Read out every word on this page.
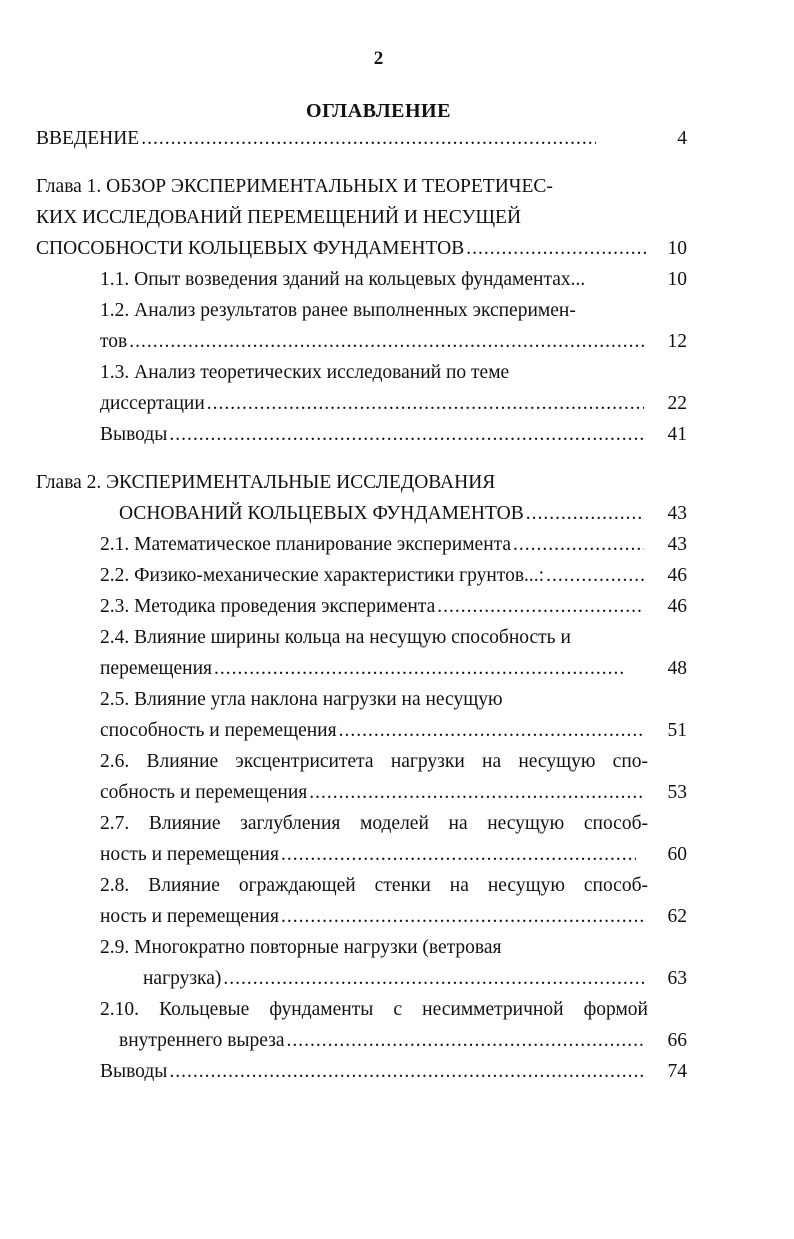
2
ОГЛАВЛЕНИЕ
ВВЕДЕНИЕ .....	4
Глава 1. ОБЗОР ЭКСПЕРИМЕНТАЛЬНЫХ И ТЕОРЕТИЧЕС-
КИХ ИССЛЕДОВАНИЙ ПЕРЕМЕЩЕНИЙ И НЕСУЩЕЙ
СПОСОБНОСТИ КОЛЬЦЕВЫХ ФУНДАМЕНТОВ .....	10
1.1. Опыт возведения зданий на кольцевых фундаментах...	10
1.2. Анализ результатов ранее выполненных эксперимен-
тов .....	12
1.3. Анализ теоретических исследований по теме
диссертации .....	22
Выводы .....	41
Глава 2. ЭКСПЕРИМЕНТАЛЬНЫЕ ИССЛЕДОВАНИЯ
ОСНОВАНИЙ КОЛЬЦЕВЫХ ФУНДАМЕНТОВ .....	43
2.1. Математическое планирование эксперимента .....	43
2.2. Физико-механические характеристики грунтов...: .....	46
2.3. Методика проведения эксперимента .....	46
2.4. Влияние ширины кольца на несущую способность и
перемещения .....	48
2.5. Влияние угла наклона нагрузки на несущую
способность и перемещения .....	51
2.6. Влияние эксцентриситета нагрузки на несущую спо-
собность и перемещения .....	53
2.7. Влияние заглубления моделей на несущую способ-
ность и перемещения .....	60
2.8. Влияние ограждающей стенки на несущую способ-
ность и перемещения .....	62
2.9. Многократно повторные нагрузки (ветровая
нагрузка) .....	63
2.10. Кольцевые фундаменты с несимметричной формой
внутреннего выреза .....	66
Выводы .....	74
